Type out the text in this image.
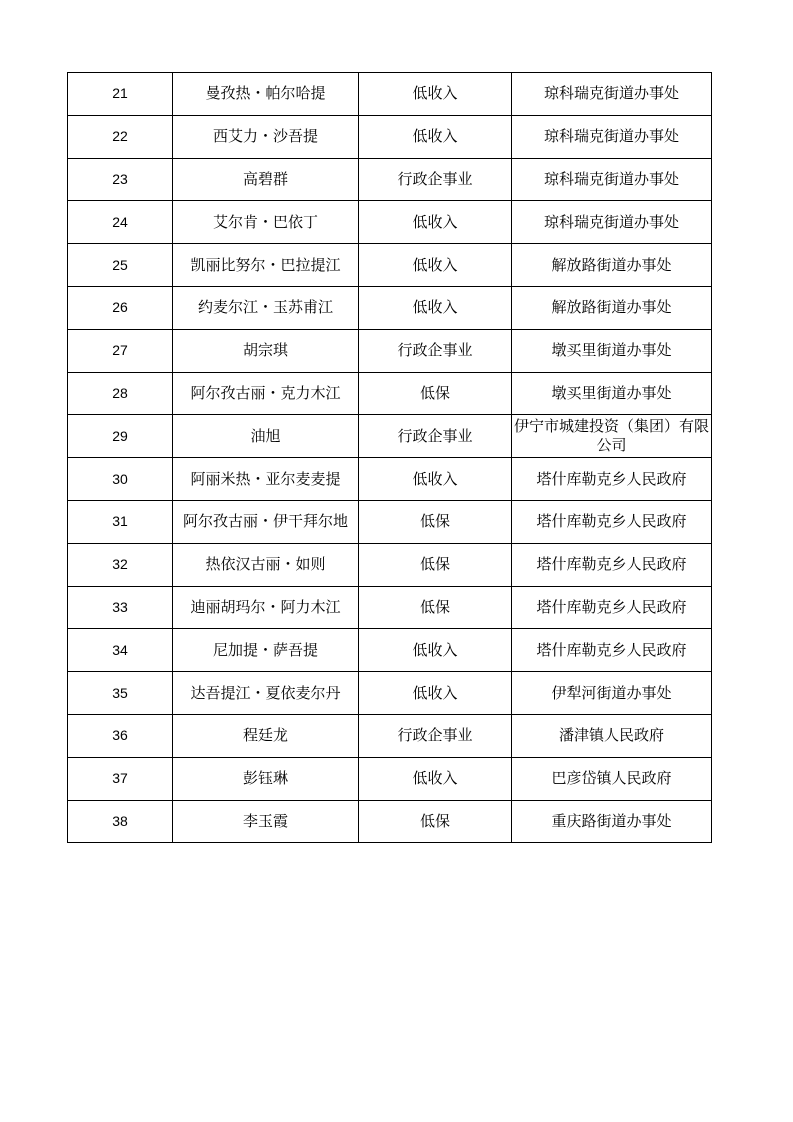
21	曼孜热・帕尔哈提	低收入	琼科瑞克街道办事处
22	西艾力・沙吾提	低收入	琼科瑞克街道办事处
23	高碧群	行政企事业	琼科瑞克街道办事处
24	艾尔肯・巴依丁	低收入	琼科瑞克街道办事处
25	凯丽比努尔・巴拉提江	低收入	解放路街道办事处
26	约麦尔江・玉苏甫江	低收入	解放路街道办事处
27	胡宗琪	行政企事业	墩买里街道办事处
28	阿尔孜古丽・克力木江	低保	墩买里街道办事处
29	油旭	行政企事业	伊宁市城建投资（集团）有限公司
30	阿丽米热・亚尔麦麦提	低收入	塔什库勒克乡人民政府
31	阿尔孜古丽・伊干拜尔地	低保	塔什库勒克乡人民政府
32	热依汉古丽・如则	低保	塔什库勒克乡人民政府
33	迪丽胡玛尔・阿力木江	低保	塔什库勒克乡人民政府
34	尼加提・萨吾提	低收入	塔什库勒克乡人民政府
35	达吾提江・夏依麦尔丹	低收入	伊犁河街道办事处
36	程廷龙	行政企事业	潘津镇人民政府
37	彭钰琳	低收入	巴彦岱镇人民政府
38	李玉霞	低保	重庆路街道办事处
